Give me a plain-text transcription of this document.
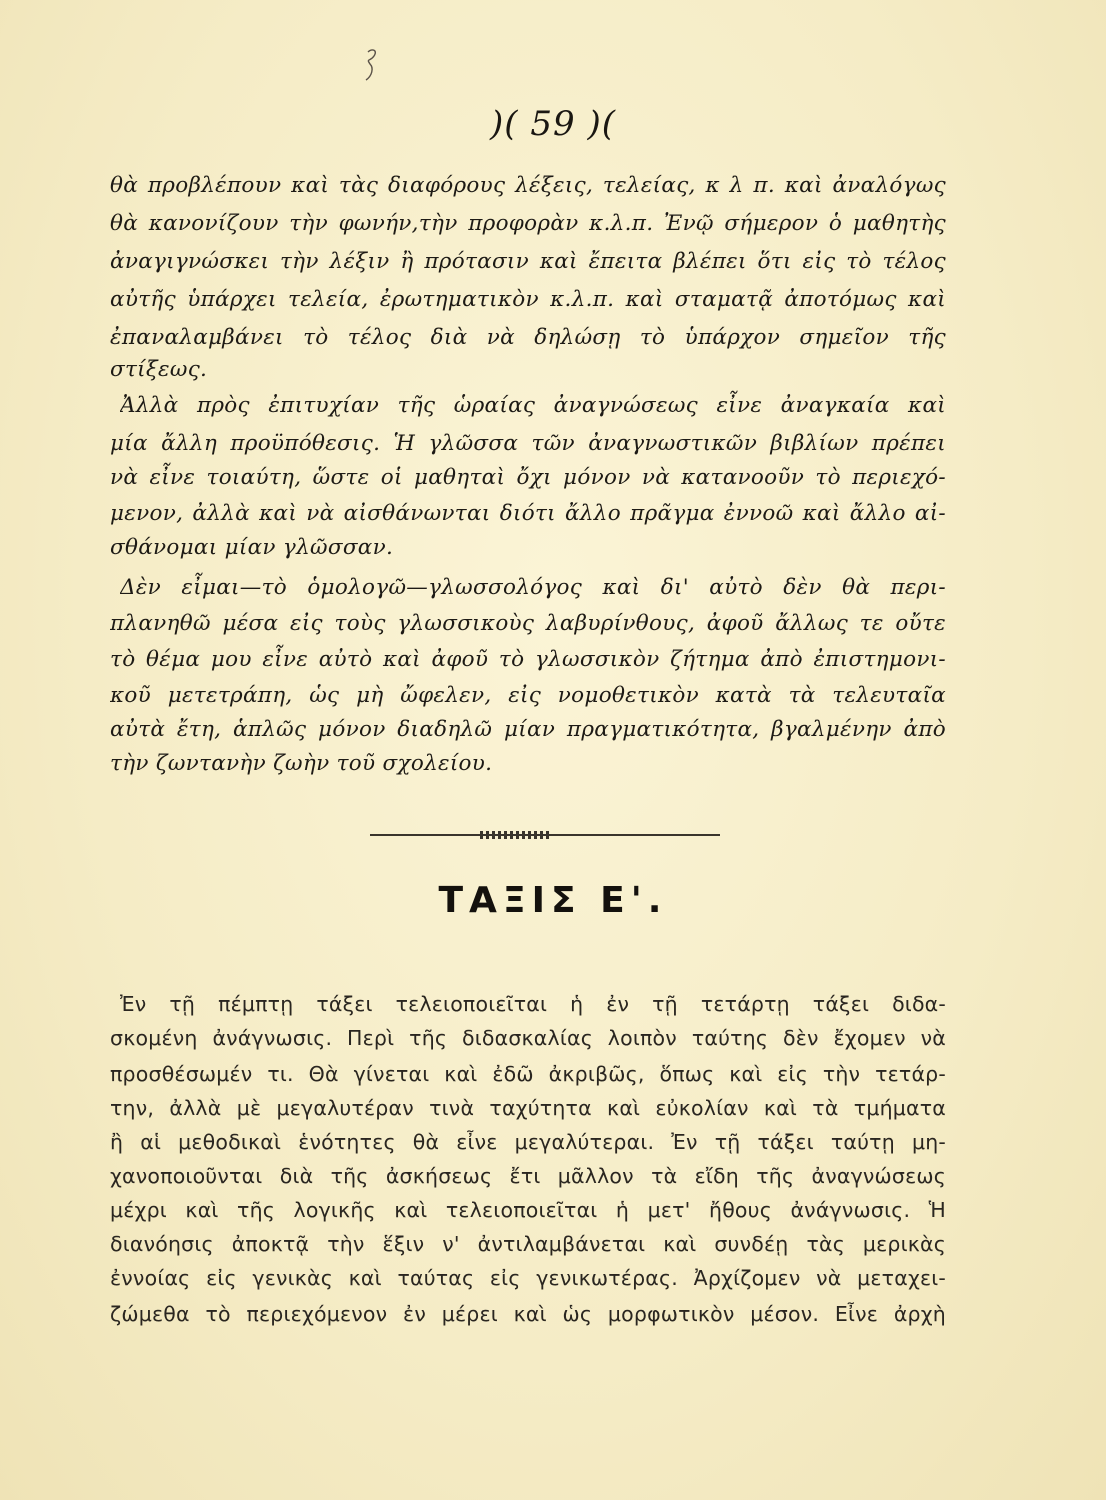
)( 59 )(
θὰ προβλέπουν καὶ τὰς διαφόρους λέξεις, τελείας, κ λ π. καὶ ἀναλόγως
θὰ κανονίζουν τὴν φωνήν,τὴν προφορὰν κ.λ.π. Ἐνῷ σήμερον ὁ μαθητὴς
ἀναγιγνώσκει τὴν λέξιν ἢ πρότασιν καὶ ἔπειτα βλέπει ὅτι εἰς τὸ τέλος
αὐτῆς ὑπάρχει τελεία, ἐρωτηματικὸν κ.λ.π. καὶ σταματᾷ ἀποτόμως καὶ
ἐπαναλαμβάνει τὸ τέλος διὰ νὰ δηλώσῃ τὸ ὑπάρχον σημεῖον τῆς
στίξεως.
Ἀλλὰ πρὸς ἐπιτυχίαν τῆς ὡραίας ἀναγνώσεως εἶνε ἀναγκαία καὶ
μία ἄλλη προϋπόθεσις. Ἡ γλῶσσα τῶν ἀναγνωστικῶν βιβλίων πρέπει
νὰ εἶνε τοιαύτη, ὥστε οἱ μαθηταὶ ὄχι μόνον νὰ κατανοοῦν τὸ περιεχό-
μενον, ἀλλὰ καὶ νὰ αἰσθάνωνται διότι ἄλλο πρᾶγμα ἐννοῶ καὶ ἄλλο αἰ-
σθάνομαι μίαν γλῶσσαν.
Δὲν εἶμαι—τὸ ὁμολογῶ—γλωσσολόγος καὶ δι' αὐτὸ δὲν θὰ περι-
πλανηθῶ μέσα εἰς τοὺς γλωσσικοὺς λαβυρίνθους, ἀφοῦ ἄλλως τε οὔτε
τὸ θέμα μου εἶνε αὐτὸ καὶ ἀφοῦ τὸ γλωσσικὸν ζήτημα ἀπὸ ἐπιστημονι-
κοῦ μετετράπη, ὡς μὴ ὤφελεν, εἰς νομοθετικὸν κατὰ τὰ τελευταῖα
αὐτὰ ἔτη, ἁπλῶς μόνον διαδηλῶ μίαν πραγματικότητα, βγαλμένην ἀπὸ
τὴν ζωντανὴν ζωὴν τοῦ σχολείου.
ΤΑΞΙΣ Ε'.
Ἐν τῇ πέμπτῃ τάξει τελειοποιεῖται ἡ ἐν τῇ τετάρτῃ τάξει διδα-
σκομένη ἀνάγνωσις. Περὶ τῆς διδασκαλίας λοιπὸν ταύτης δὲν ἔχομεν νὰ
προσθέσωμέν τι. Θὰ γίνεται καὶ ἐδῶ ἀκριβῶς, ὅπως καὶ εἰς τὴν τετάρ-
την, ἀλλὰ μὲ μεγαλυτέραν τινὰ ταχύτητα καὶ εὐκολίαν καὶ τὰ τμήματα
ἢ αἱ μεθοδικαὶ ἑνότητες θὰ εἶνε μεγαλύτεραι. Ἐν τῇ τάξει ταύτῃ μη-
χανοποιοῦνται διὰ τῆς ἀσκήσεως ἔτι μᾶλλον τὰ εἴδη τῆς ἀναγνώσεως
μέχρι καὶ τῆς λογικῆς καὶ τελειοποιεῖται ἡ μετ' ἤθους ἀνάγνωσις. Ἡ
διανόησις ἀποκτᾷ τὴν ἕξιν ν' ἀντιλαμβάνεται καὶ συνδέῃ τὰς μερικὰς
ἐννοίας εἰς γενικὰς καὶ ταύτας εἰς γενικωτέρας. Ἀρχίζομεν νὰ μεταχει-
ζώμεθα τὸ περιεχόμενον ἐν μέρει καὶ ὡς μορφωτικὸν μέσον. Εἶνε ἀρχὴ
